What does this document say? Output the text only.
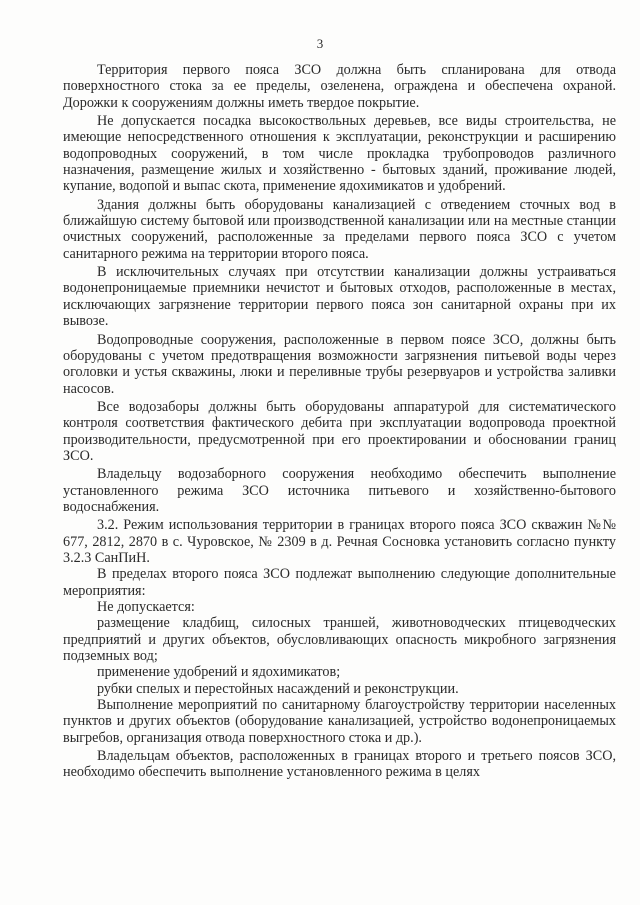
3

Территория первого пояса ЗСО должна быть спланирована для отвода поверхностного стока за ее пределы, озеленена, ограждена и обеспечена охраной. Дорожки к сооружениям должны иметь твердое покрытие.

Не допускается посадка высокоствольных деревьев, все виды строительства, не имеющие непосредственного отношения к эксплуатации, реконструкции и расширению водопроводных сооружений, в том числе прокладка трубопроводов различного назначения, размещение жилых и хозяйственно - бытовых зданий, проживание людей, купание, водопой и выпас скота, применение ядохимикатов и удобрений.

Здания должны быть оборудованы канализацией с отведением сточных вод в ближайшую систему бытовой или производственной канализации или на местные станции очистных сооружений, расположенные за пределами первого пояса ЗСО с учетом санитарного режима на территории второго пояса.

В исключительных случаях при отсутствии канализации должны устраиваться водонепроницаемые приемники нечистот и бытовых отходов, расположенные в местах, исключающих загрязнение территории первого пояса зон санитарной охраны при их вывозе.

Водопроводные сооружения, расположенные в первом поясе ЗСО, должны быть оборудованы с учетом предотвращения возможности загрязнения питьевой воды через оголовки и устья скважины, люки и переливные трубы резервуаров и устройства заливки насосов.

Все водозаборы должны быть оборудованы аппаратурой для систематического контроля соответствия фактического дебита при эксплуатации водопровода проектной производительности, предусмотренной при его проектировании и обосновании границ ЗСО.

Владельцу водозаборного сооружения необходимо обеспечить выполнение установленного режима ЗСО источника питьевого и хозяйственно-бытового водоснабжения.

3.2. Режим использования территории в границах второго пояса ЗСО скважин №№ 677, 2812, 2870 в с. Чуровское, № 2309 в д. Речная Сосновка установить согласно пункту 3.2.3 СанПиН.

В пределах второго пояса ЗСО подлежат выполнению следующие дополнительные мероприятия:

Не допускается:

размещение кладбищ, силосных траншей, животноводческих птицеводческих предприятий и других объектов, обусловливающих опасность микробного загрязнения подземных вод;

применение удобрений и ядохимикатов;

рубки спелых и перестойных насаждений и реконструкции.

Выполнение мероприятий по санитарному благоустройству территории населенных пунктов и других объектов (оборудование канализацией, устройство водонепроницаемых выгребов, организация отвода поверхностного стока и др.).

Владельцам объектов, расположенных в границах второго и третьего поясов ЗСО, необходимо обеспечить выполнение установленного режима в целях
